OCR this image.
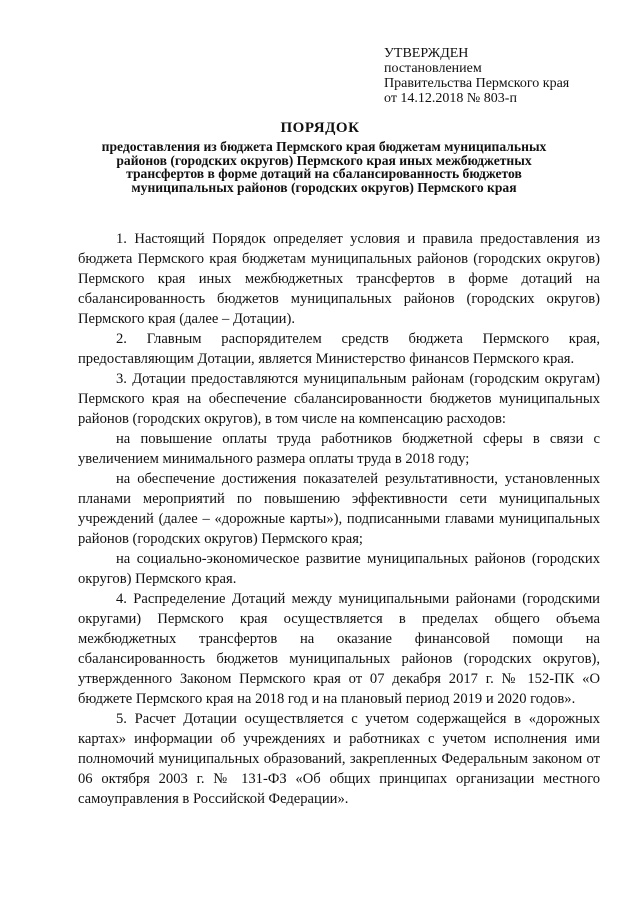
УТВЕРЖДЕН
постановлением
Правительства Пермского края
от 14.12.2018 № 803-п
ПОРЯДОК
предоставления из бюджета Пермского края бюджетам муниципальных районов (городских округов) Пермского края иных межбюджетных трансфертов в форме дотаций на сбалансированность бюджетов муниципальных районов (городских округов) Пермского края

1. Настоящий Порядок определяет условия и правила предоставления из бюджета Пермского края бюджетам муниципальных районов (городских округов) Пермского края иных межбюджетных трансфертов в форме дотаций на сбалансированность бюджетов муниципальных районов (городских округов) Пермского края (далее – Дотации).

2. Главным распорядителем средств бюджета Пермского края, предоставляющим Дотации, является Министерство финансов Пермского края.

3. Дотации предоставляются муниципальным районам (городским округам) Пермского края на обеспечение сбалансированности бюджетов муниципальных районов (городских округов), в том числе на компенсацию расходов:

на повышение оплаты труда работников бюджетной сферы в связи с увеличением минимального размера оплаты труда в 2018 году;

на обеспечение достижения показателей результативности, установленных планами мероприятий по повышению эффективности сети муниципальных учреждений (далее – «дорожные карты»), подписанными главами муниципальных районов (городских округов) Пермского края;

на социально-экономическое развитие муниципальных районов (городских округов) Пермского края.

4. Распределение Дотаций между муниципальными районами (городскими округами) Пермского края осуществляется в пределах общего объема межбюджетных трансфертов на оказание финансовой помощи на сбалансированность бюджетов муниципальных районов (городских округов), утвержденного Законом Пермского края от 07 декабря 2017 г. № 152-ПК «О бюджете Пермского края на 2018 год и на плановый период 2019 и 2020 годов».

5. Расчет Дотации осуществляется с учетом содержащейся в «дорожных картах» информации об учреждениях и работниках с учетом исполнения ими полномочий муниципальных образований, закрепленных Федеральным законом от 06 октября 2003 г. № 131-ФЗ «Об общих принципах организации местного самоуправления в Российской Федерации».
